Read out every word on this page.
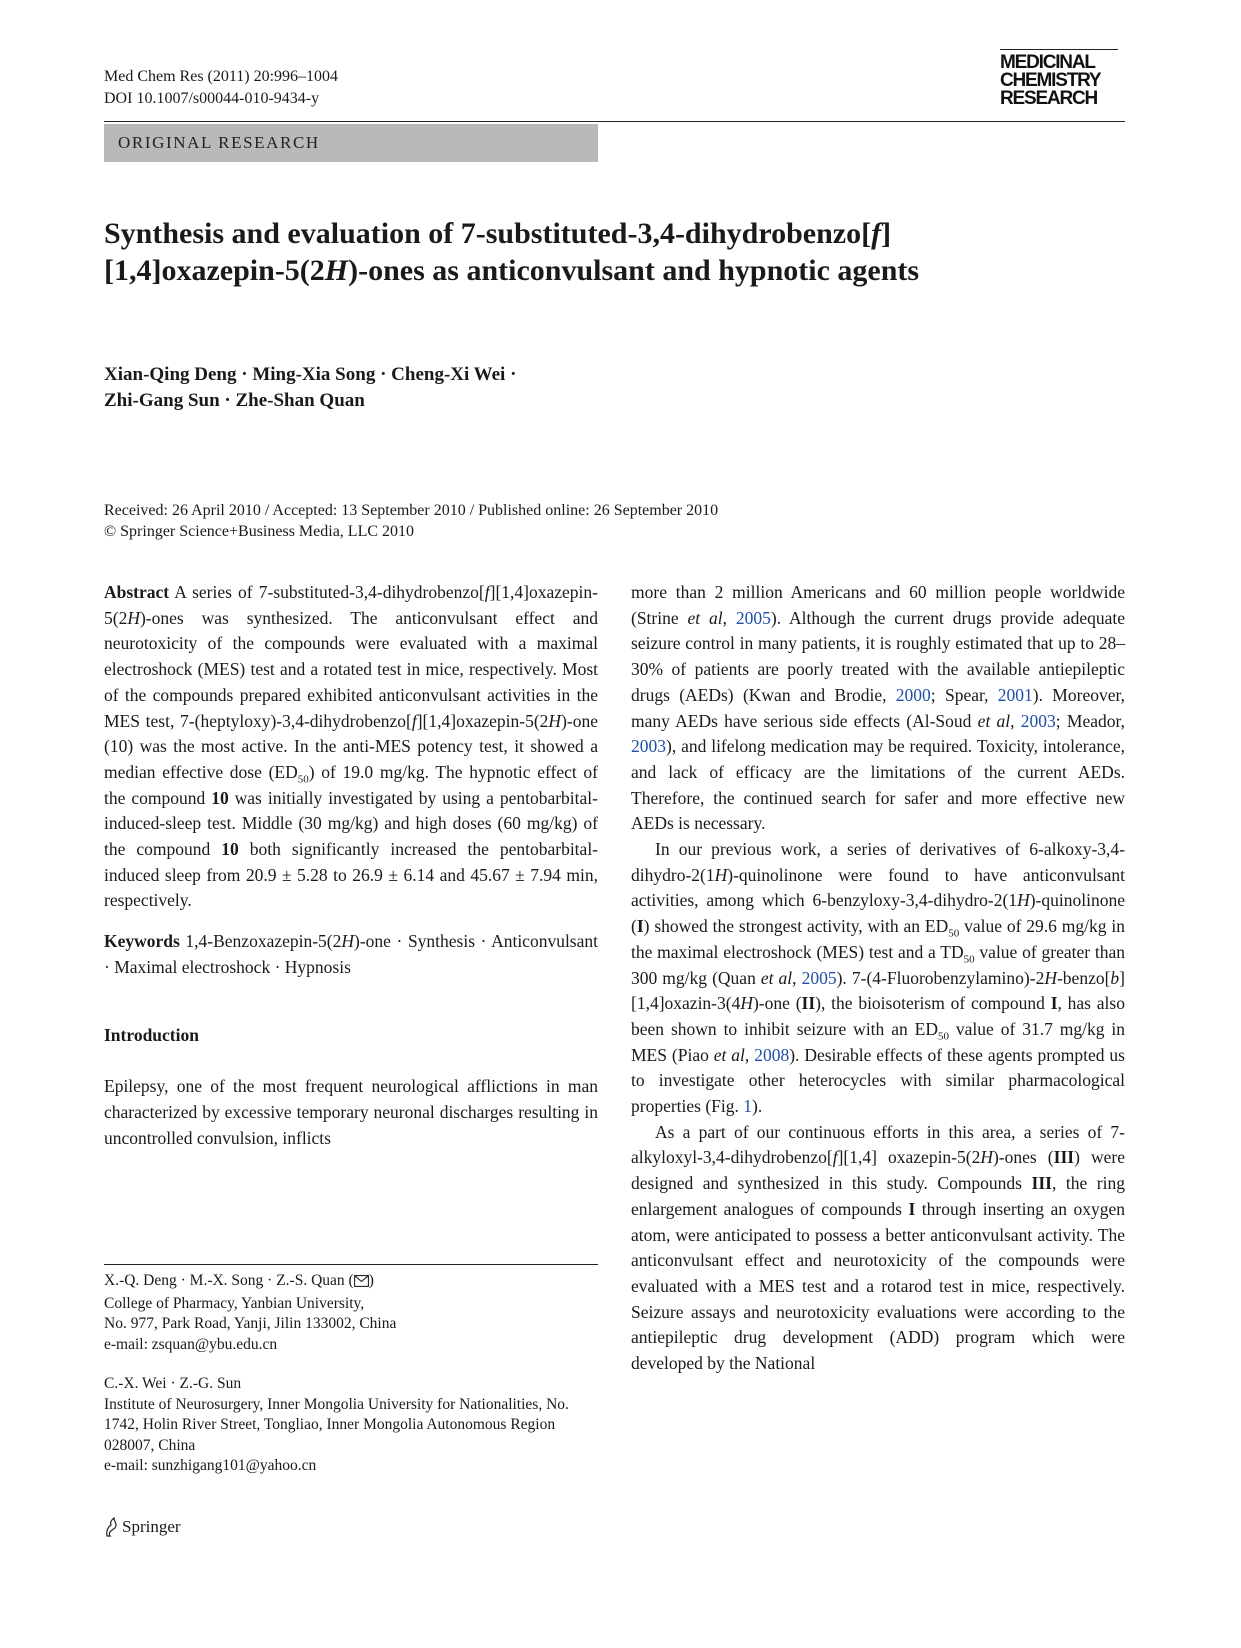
Med Chem Res (2011) 20:996–1004
DOI 10.1007/s00044-010-9434-y
MEDICINAL
CHEMISTRY
RESEARCH
ORIGINAL RESEARCH
Synthesis and evaluation of 7-substituted-3,4-dihydrobenzo[f][1,4]oxazepin-5(2H)-ones as anticonvulsant and hypnotic agents
Xian-Qing Deng · Ming-Xia Song · Cheng-Xi Wei ·
Zhi-Gang Sun · Zhe-Shan Quan
Received: 26 April 2010 / Accepted: 13 September 2010 / Published online: 26 September 2010
© Springer Science+Business Media, LLC 2010

Abstract A series of 7-substituted-3,4-dihydrobenzo[f][1,4]oxazepin-5(2H)-ones was synthesized. The anticonvulsant effect and neurotoxicity of the compounds were evaluated with a maximal electroshock (MES) test and a rotated test in mice, respectively. Most of the compounds prepared exhibited anticonvulsant activities in the MES test, 7-(heptyloxy)-3,4-dihydrobenzo[f][1,4]oxazepin-5(2H)-one (10) was the most active. In the anti-MES potency test, it showed a median effective dose $(ED_{50})$ of 19.0 mg/kg. The hypnotic effect of the compound 10 was initially investigated by using a pentobarbital-induced-sleep test. Middle (30 mg/kg) and high doses (60 mg/kg) of the compound 10 both significantly increased the pentobarbital-induced sleep from 20.9 ± 5.28 to 26.9 ± 6.14 and 45.67 ± 7.94 min, respectively.

Keywords 1,4-Benzoxazepin-5(2H)-one · Synthesis · Anticonvulsant · Maximal electroshock · Hypnosis

Introduction

Epilepsy, one of the most frequent neurological afflictions in man characterized by excessive temporary neuronal discharges resulting in uncontrolled convulsion, inflicts

more than 2 million Americans and 60 million people worldwide (Strine et al, 2005). Although the current drugs provide adequate seizure control in many patients, it is roughly estimated that up to 28–30% of patients are poorly treated with the available antiepileptic drugs (AEDs) (Kwan and Brodie, 2000; Spear, 2001). Moreover, many AEDs have serious side effects (Al-Soud et al, 2003; Meador, 2003), and lifelong medication may be required. Toxicity, intolerance, and lack of efficacy are the limitations of the current AEDs. Therefore, the continued search for safer and more effective new AEDs is necessary.

In our previous work, a series of derivatives of 6-alkoxy-3,4-dihydro-2(1H)-quinolinone were found to have anticonvulsant activities, among which 6-benzyloxy-3,4-dihydro-2(1H)-quinolinone (I) showed the strongest activity, with an $ED_{50}$ value of 29.6 mg/kg in the maximal electroshock (MES) test and a $TD_{50}$ value of greater than 300 mg/kg (Quan et al, 2005). 7-(4-Fluorobenzylamino)-2H-benzo[b][1,4]oxazin-3(4H)-one (II), the bioisoterism of compound I, has also been shown to inhibit seizure with an $ED_{50}$ value of 31.7 mg/kg in MES (Piao et al, 2008). Desirable effects of these agents prompted us to investigate other heterocycles with similar pharmacological properties (Fig. 1).

As a part of our continuous efforts in this area, a series of 7-alkyloxyl-3,4-dihydrobenzo[f][1,4] oxazepin-5(2H)-ones (III) were designed and synthesized in this study. Compounds III, the ring enlargement analogues of compounds I through inserting an oxygen atom, were anticipated to possess a better anticonvulsant activity. The anticonvulsant effect and neurotoxicity of the compounds were evaluated with a MES test and a rotarod test in mice, respectively. Seizure assays and neurotoxicity evaluations were according to the antiepileptic drug development (ADD) program which were developed by the National

X.-Q. Deng · M.-X. Song · Z.-S. Quan ( )
College of Pharmacy, Yanbian University,
No. 977, Park Road, Yanji, Jilin 133002, China
e-mail: zsquan@ybu.edu.cn
C.-X. Wei · Z.-G. Sun
Institute of Neurosurgery, Inner Mongolia University for Nationalities, No. 1742, Holin River Street, Tongliao, Inner Mongolia Autonomous Region 028007, China
e-mail: sunzhigang101@yahoo.cn
Springer
